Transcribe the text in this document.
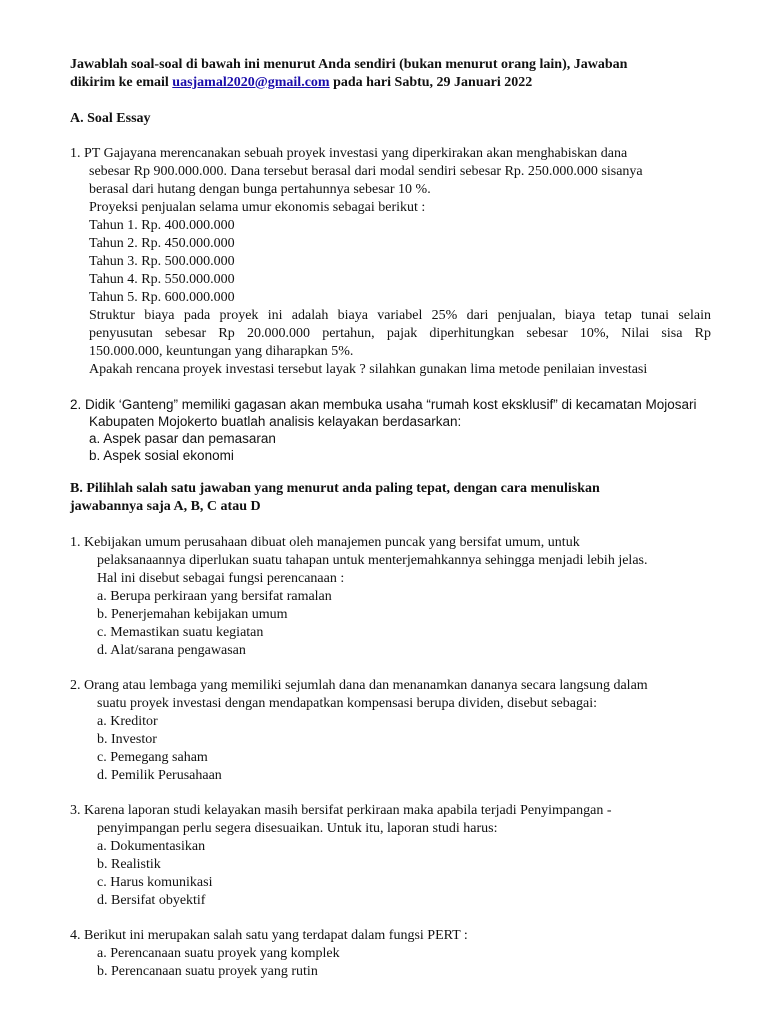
Jawablah soal-soal di bawah ini menurut Anda sendiri (bukan menurut orang lain), Jawaban
dikirim ke email uasjamal2020@gmail.com pada hari Sabtu, 29 Januari 2022
A. Soal Essay
1. PT Gajayana merencanakan sebuah proyek investasi yang diperkirakan akan menghabiskan dana
sebesar Rp 900.000.000. Dana tersebut berasal dari modal sendiri sebesar Rp. 250.000.000 sisanya
berasal dari hutang dengan bunga pertahunnya sebesar 10 %.
Proyeksi penjualan selama umur ekonomis sebagai berikut :
Tahun 1. Rp. 400.000.000
Tahun 2. Rp. 450.000.000
Tahun 3. Rp. 500.000.000
Tahun 4. Rp. 550.000.000
Tahun 5. Rp. 600.000.000
Struktur biaya pada proyek ini adalah biaya variabel 25% dari penjualan, biaya tetap tunai selain
penyusutan sebesar Rp 20.000.000 pertahun, pajak diperhitungkan sebesar 10%, Nilai sisa Rp
150.000.000, keuntungan yang diharapkan 5%.
Apakah rencana proyek investasi tersebut layak ? silahkan gunakan lima metode penilaian investasi
2. Didik ‘Ganteng” memiliki gagasan akan membuka usaha “rumah kost eksklusif” di kecamatan Mojosari
Kabupaten Mojokerto buatlah analisis kelayakan berdasarkan:
a. Aspek pasar dan pemasaran
b. Aspek sosial ekonomi
B. Pilihlah salah satu jawaban yang menurut anda paling tepat, dengan cara menuliskan
jawabannya saja A, B, C atau D
1. Kebijakan umum perusahaan dibuat oleh manajemen puncak yang bersifat umum, untuk
pelaksanaannya diperlukan suatu tahapan untuk menterjemahkannya sehingga menjadi lebih jelas.
Hal ini disebut sebagai fungsi perencanaan :
a. Berupa perkiraan yang bersifat ramalan
b. Penerjemahan kebijakan umum
c. Memastikan suatu kegiatan
d. Alat/sarana pengawasan
2. Orang atau lembaga yang memiliki sejumlah dana dan menanamkan dananya secara langsung dalam
suatu proyek investasi dengan mendapatkan kompensasi berupa dividen, disebut sebagai:
a. Kreditor
b. Investor
c. Pemegang saham
d. Pemilik Perusahaan
3. Karena laporan studi kelayakan masih bersifat perkiraan maka apabila terjadi Penyimpangan -
penyimpangan perlu segera disesuaikan. Untuk itu, laporan studi harus:
a. Dokumentasikan
b. Realistik
c. Harus komunikasi
d. Bersifat obyektif
4. Berikut ini merupakan salah satu yang terdapat dalam fungsi PERT :
a. Perencanaan suatu proyek yang komplek
b. Perencanaan suatu proyek yang rutin
